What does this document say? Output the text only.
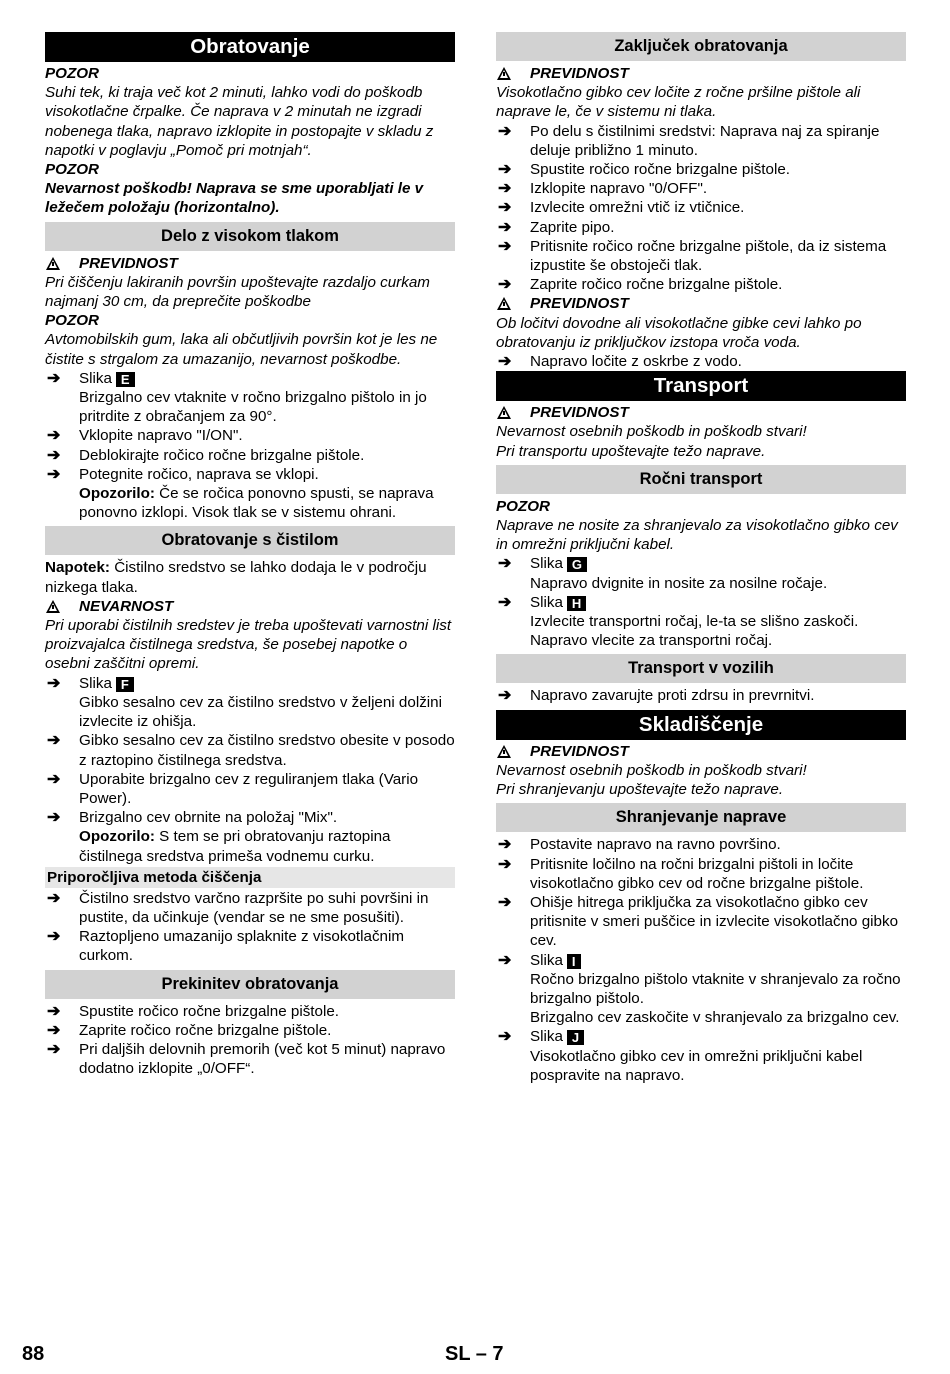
Obratovanje
POZOR
Suhi tek, ki traja več kot 2 minuti, lahko vodi do poškodb visokotlačne črpalke. Če naprava v 2 minutah ne izgradi nobenega tlaka, napravo izklopite in postopajte v skladu z napotki v poglavju „Pomoč pri motnjah“.
POZOR
Nevarnost poškodb! Naprava se sme uporabljati le v ležečem položaju (horizontalno).
Delo z visokom tlakom
PREVIDNOST
Pri čiščenju lakiranih površin upoštevajte razdaljo curkam najmanj 30 cm, da preprečite poškodbe
POZOR
Avtomobilskih gum, laka ali občutljivih površin kot je les ne čistite s strgalom za umazanijo, nevarnost poškodbe.
➔ Slika E
Brizgalno cev vtaknite v ročno brizgalno pištolo in jo pritrdite z obračanjem za 90°.
➔ Vklopite napravo "I/ON".
➔ Deblokirajte ročico ročne brizgalne pištole.
➔ Potegnite ročico, naprava se vklopi.
Opozorilo: Če se ročica ponovno spusti, se naprava ponovno izklopi. Visok tlak se v sistemu ohrani.
Obratovanje s čistilom
Napotek: Čistilno sredstvo se lahko dodaja le v področju nizkega tlaka.
NEVARNOST
Pri uporabi čistilnih sredstev je treba upoštevati varnostni list proizvajalca čistilnega sredstva, še posebej napotke o osebni zaščitni opremi.
➔ Slika F
Gibko sesalno cev za čistilno sredstvo v željeni dolžini izvlecite iz ohišja.
➔ Gibko sesalno cev za čistilno sredstvo obesite v posodo z raztopino čistilnega sredstva.
➔ Uporabite brizgalno cev z reguliranjem tlaka (Vario Power).
➔ Brizgalno cev obrnite na položaj "Mix".
Opozorilo: S tem se pri obratovanju raztopina čistilnega sredstva primeša vodnemu curku.
Priporočljiva metoda čiščenja
➔ Čistilno sredstvo varčno razpršite po suhi površini in pustite, da učinkuje (vendar se ne sme posušiti).
➔ Raztopljeno umazanijo splaknite z visokotlačnim curkom.
Prekinitev obratovanja
➔ Spustite ročico ročne brizgalne pištole.
➔ Zaprite ročico ročne brizgalne pištole.
➔ Pri daljših delovnih premorih (več kot 5 minut) napravo dodatno izklopite „0/OFF“.
Zaključek obratovanja
PREVIDNOST
Visokotlačno gibko cev ločite z ročne pršilne pištole ali naprave le, če v sistemu ni tlaka.
➔ Po delu s čistilnimi sredstvi: Naprava naj za spiranje deluje približno 1 minuto.
➔ Spustite ročico ročne brizgalne pištole.
➔ Izklopite napravo "0/OFF".
➔ Izvlecite omrežni vtič iz vtičnice.
➔ Zaprite pipo.
➔ Pritisnite ročico ročne brizgalne pištole, da iz sistema izpustite še obstoječi tlak.
➔ Zaprite ročico ročne brizgalne pištole.
PREVIDNOST
Ob ločitvi dovodne ali visokotlačne gibke cevi lahko po obratovanju iz priključkov izstopa vroča voda.
➔ Napravo ločite z oskrbe z vodo.
Transport
PREVIDNOST
Nevarnost osebnih poškodb in poškodb stvari!
Pri transportu upoštevajte težo naprave.
Ročni transport
POZOR
Naprave ne nosite za shranjevalo za visokotlačno gibko cev in omrežni priključni kabel.
➔ Slika G
Napravo dvignite in nosite za nosilne ročaje.
➔ Slika H
Izvlecite transportni ročaj, le-ta se slišno zaskoči.
Napravo vlecite za transportni ročaj.
Transport v vozilih
➔ Napravo zavarujte proti zdrsu in prevrnitvi.
Skladiščenje
PREVIDNOST
Nevarnost osebnih poškodb in poškodb stvari!
Pri shranjevanju upoštevajte težo naprave.
Shranjevanje naprave
➔ Postavite napravo na ravno površino.
➔ Pritisnite ločilno na ročni brizgalni pištoli in ločite visokotlačno gibko cev od ročne brizgalne pištole.
➔ Ohišje hitrega priključka za visokotlačno gibko cev pritisnite v smeri puščice in izvlecite visokotlačno gibko cev.
➔ Slika I
Ročno brizgalno pištolo vtaknite v shranjevalo za ročno brizgalno pištolo.
Brizgalno cev zaskočite v shranjevalo za brizgalno cev.
➔ Slika J
Visokotlačno gibko cev in omrežni priključni kabel pospravite na napravo.
88	SL – 7
